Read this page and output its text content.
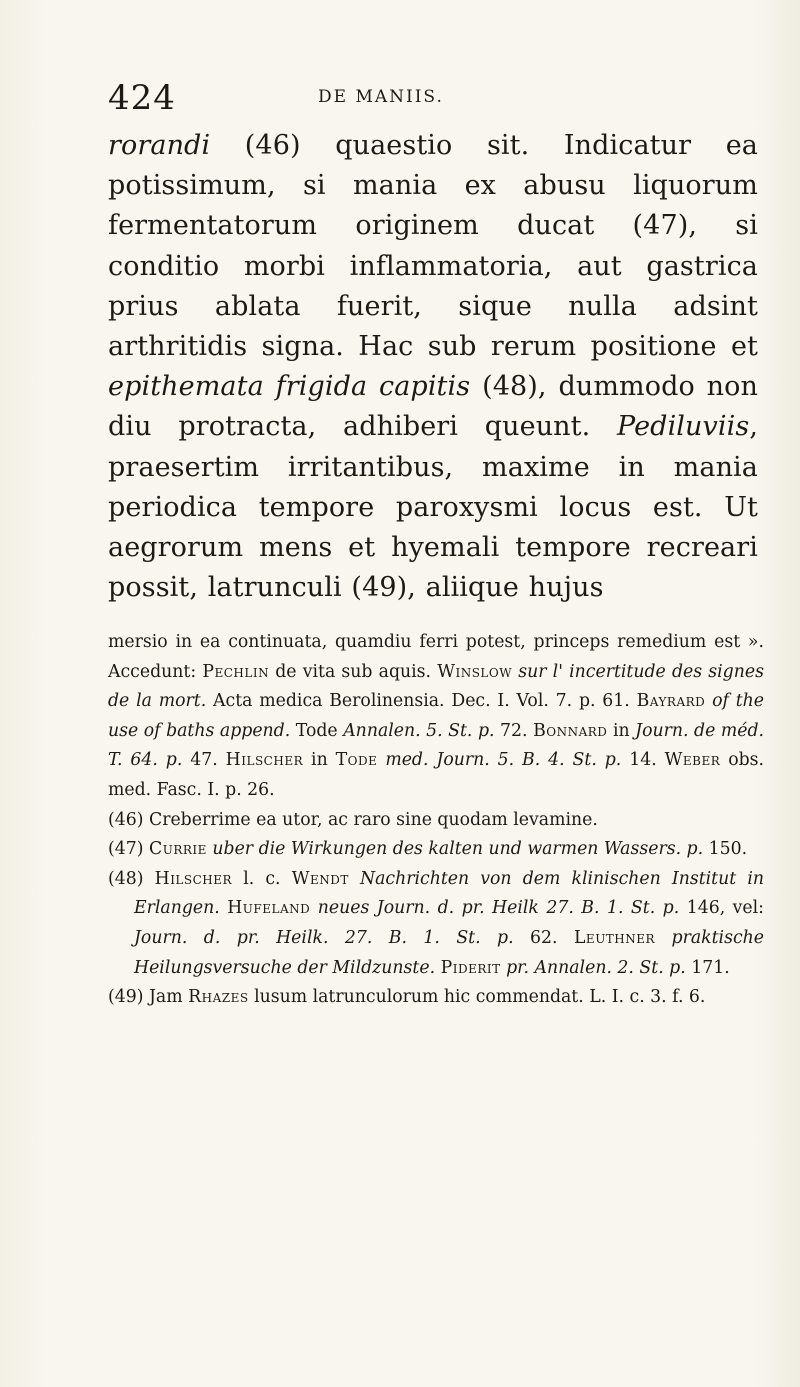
424	DE MANIIS.
rorandi (46) quaestio sit. Indicatur ea potissimum, si mania ex abusu liquorum fermentatorum originem ducat (47), si conditio morbi inflammatoria, aut gastrica prius ablata fuerit, sique nulla adsint arthritidis signa. Hac sub rerum positione et epithemata frigida capitis (48), dummodo non diu protracta, adhiberi queunt. Pediluviis, praesertim irritantibus, maxime in mania periodica tempore paroxysmi locus est. Ut aegrorum mens et hyemali tempore recreari possit, latrunculi (49), aliique hujus

mersio in ea continuata, quamdiu ferri potest, princeps remedium est ». Accedunt: Pechlin de vita sub aquis. Winslow sur l' incertitude des signes de la mort. Acta medica Berolinensia. Dec. I. Vol. 7. p. 61. Bayrard of the use of baths append. Tode Annalen. 5. St. p. 72. Bonnard in Journ. de méd. T. 64. p. 47. Hilscher in Tode med. Journ. 5. B. 4. St. p. 14. Weber obs. med. Fasc. I. p. 26.

(46) Creberrime ea utor, ac raro sine quodam levamine.

(47) Currie uber die Wirkungen des kalten und warmen Wassers. p. 150.

(48) Hilscher l. c. Wendt Nachrichten von dem klinischen Institut in Erlangen. Hufeland neues Journ. d. pr. Heilk 27. B. 1. St. p. 146, vel: Journ. d. pr. Heilk. 27. B. 1. St. p. 62. Leuthner praktische Heilungsversuche der Mildzunste. Piderit pr. Annalen. 2. St. p. 171.

(49) Jam Rhazes lusum latrunculorum hic commendat. L. I. c. 3. f. 6.
